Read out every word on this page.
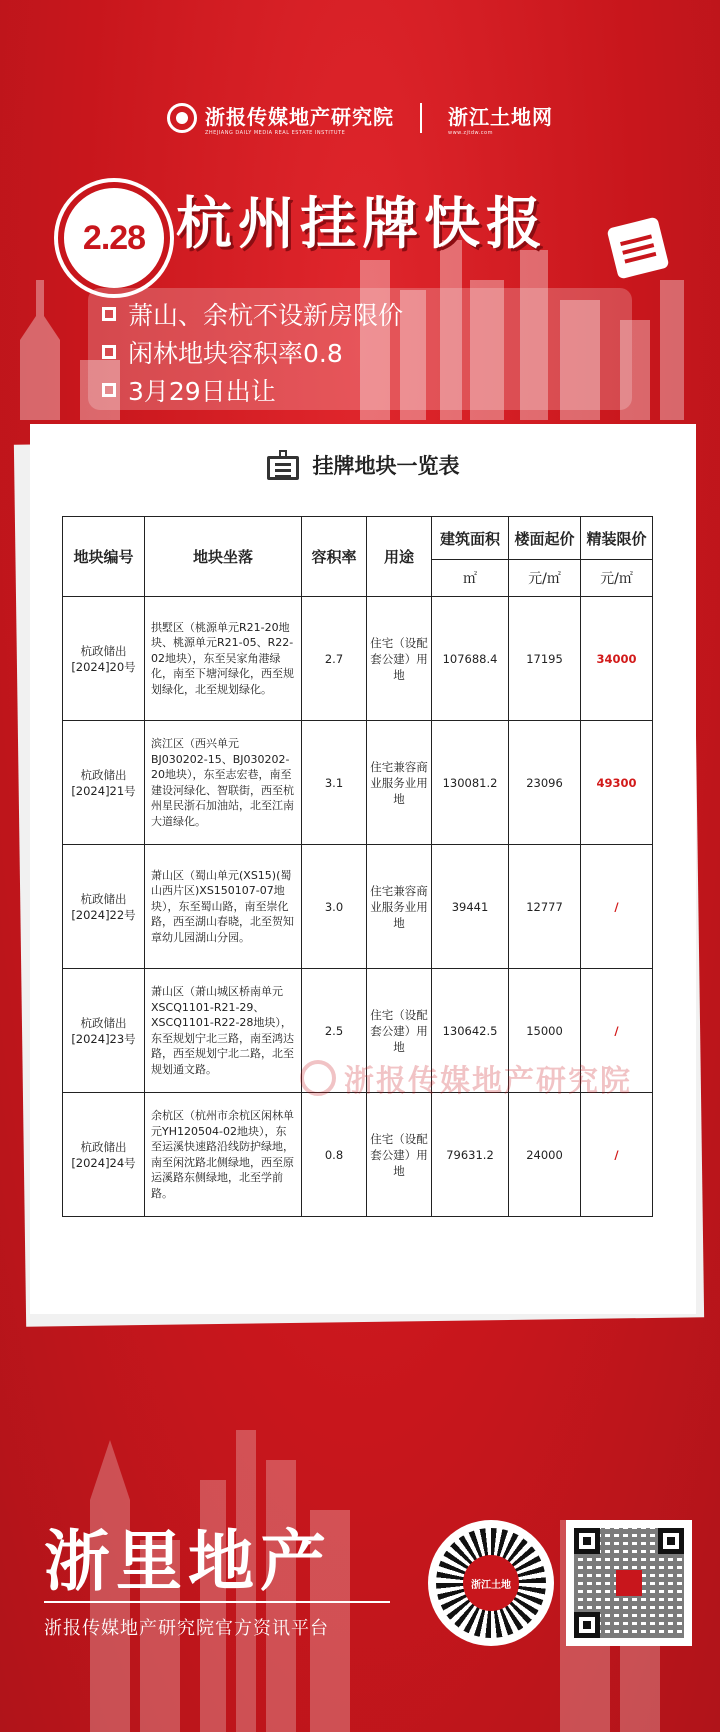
浙报传媒地产研究院
ZHEJIANG DAILY MEDIA REAL ESTATE INSTITUTE
浙江土地网
www.zjtdw.com
2.28 杭州挂牌快报
萧山、余杭不设新房限价
闲林地块容积率0.8
3月29日出让
挂牌地块一览表
地块编号	地块坐落	容积率	用途	建筑面积	楼面起价	精装限价
				㎡	元/㎡	元/㎡
杭政储出
[2024]20号	拱墅区（桃源单元R21-20地块、桃源单元R21-05、R22-02地块），东至吴家角港绿化，南至下塘河绿化，西至规划绿化，北至规划绿化。	2.7	住宅（设配套公建）用地	107688.4	17195	34000
杭政储出
[2024]21号	滨江区（西兴单元BJ030202-15、BJ030202-20地块），东至志宏巷，南至建设河绿化、智联街，西至杭州星民浙石加油站，北至江南大道绿化。	3.1	住宅兼容商业服务业用地	130081.2	23096	49300
杭政储出
[2024]22号	萧山区（蜀山单元(XS15)(蜀山西片区)XS150107-07地块），东至蜀山路，南至崇化路，西至湖山春晓，北至贺知章幼儿园湖山分园。	3.0	住宅兼容商业服务业用地	39441	12777	/
杭政储出
[2024]23号	萧山区（萧山城区桥南单元XSCQ1101-R21-29、XSCQ1101-R22-28地块），东至规划宁北三路，南至鸿达路，西至规划宁北二路，北至规划通文路。	2.5	住宅（设配套公建）用地	130642.5	15000	/
杭政储出
[2024]24号	余杭区（杭州市余杭区闲林单元YH120504-02地块），东至运溪快速路沿线防护绿地，南至闲沈路北侧绿地，西至原运溪路东侧绿地，北至学前路。	0.8	住宅（设配套公建）用地	79631.2	24000	/
浙报传媒地产研究院
浙里地产
浙报传媒地产研究院官方资讯平台
浙江土地
